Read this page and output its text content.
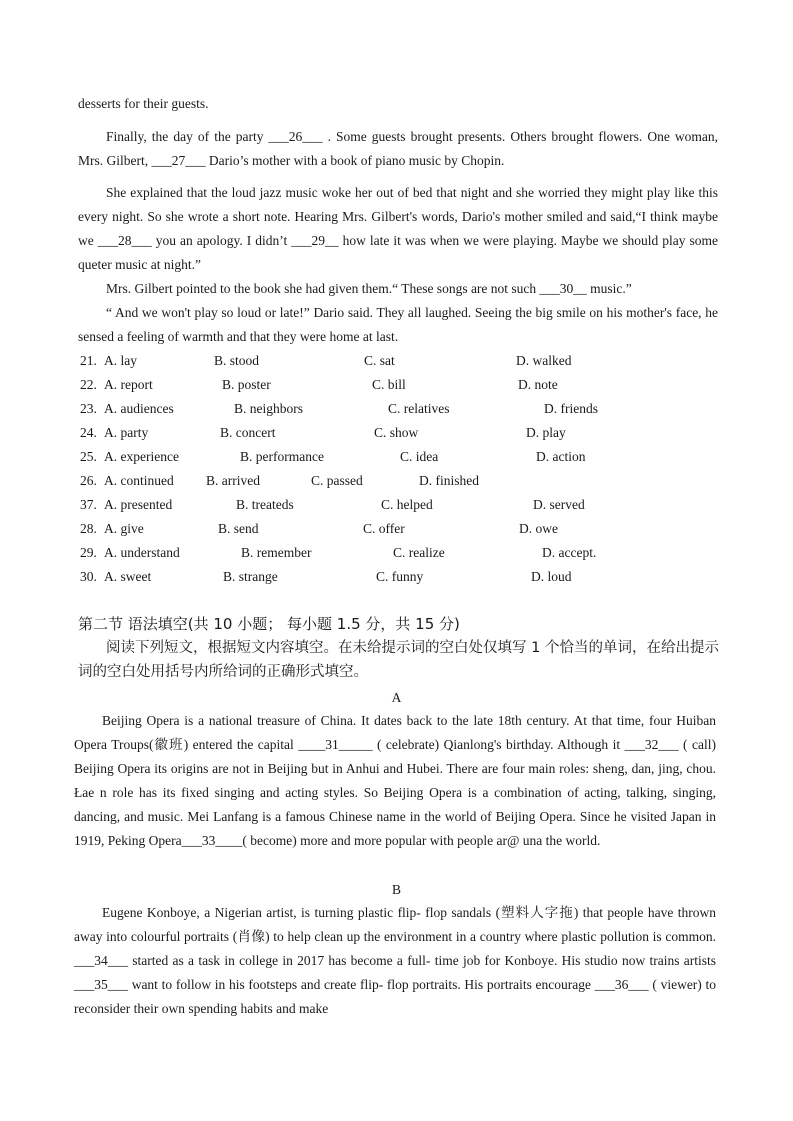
desserts for their guests.

Finally, the day of the party ___26___ . Some guests brought presents. Others brought flowers. One woman, Mrs. Gilbert, ___27___ Dario’s mother with a book of piano music by Chopin.

She explained that the loud jazz music woke her out of bed that night and she worried they might play like this every night. So she wrote a short note. Hearing Mrs. Gilbert's words, Dario's mother smiled and said,“I think maybe we ___28___ you an apology. I didn’t ___29__ how late it was when we were playing. Maybe we should play some queter music at night.”

Mrs. Gilbert pointed to the book she had given them.“ These songs are not such ___30__ music.”

“ And we won't play so loud or late!” Dario said. They all laughed. Seeing the big smile on his mother's face, he sensed a feeling of warmth and that they were home at last.

21. A. lay	B. stood	C. sat	D. walked
22. A. report	B. poster	C. bill	D. note
23. A. audiences	B. neighbors	C. relatives	D. friends
24. A. party	B. concert	C. show	D. play
25. A. experience	B. performance	C. idea	D. action
26. A. continued B. arrived	C. passed	D. finished
37. A. presented	B. treateds	C. helped	D. served
28. A. give	B. send	C. offer	D. owe
29. A. understand	B. remember	C. realize	D. accept.
30. A. sweet	B. strange	C. funny	D. loud
第二节 语法填空(共 10 小题； 每小题 1.5 分，共 15 分)

阅读下列短文，根据短文内容填空。在未给提示词的空白处仅填写 1 个恰当的单词，在给出提示词的空白处用括号内所给词的正确形式填空。

A

Beijing Opera is a national treasure of China. It dates back to the late 18th century. At that time, four Huiban Opera Troups(徽班) entered the capital ____31_____ ( celebrate) Qianlong's birthday. Although it ___32___ ( call) Beijing Opera its origins are not in Beijing but in Anhui and Hubei. There are four main roles: sheng, dan, jing, chou. Łae n role has its fixed singing and acting styles. So Beijing Opera is a combination of acting, talking, singing, dancing, and music. Mei Lanfang is a famous Chinese name in the world of Beijing Opera. Since he visited Japan in 1919, Peking Opera___33____( become) more and more popular with people ar@ una the world.

B

Eugene Konboye, a Nigerian artist, is turning plastic flip- flop sandals (塑料人字拖) that people have thrown away into colourful portraits (肖像) to help clean up the environment in a country where plastic pollution is common. ___34___ started as a task in college in 2017 has become a full- time job for Konboye. His studio now trains artists ___35___ want to follow in his footsteps and create flip- flop portraits. His portraits encourage ___36___ ( viewer) to reconsider their own spending habits and make
